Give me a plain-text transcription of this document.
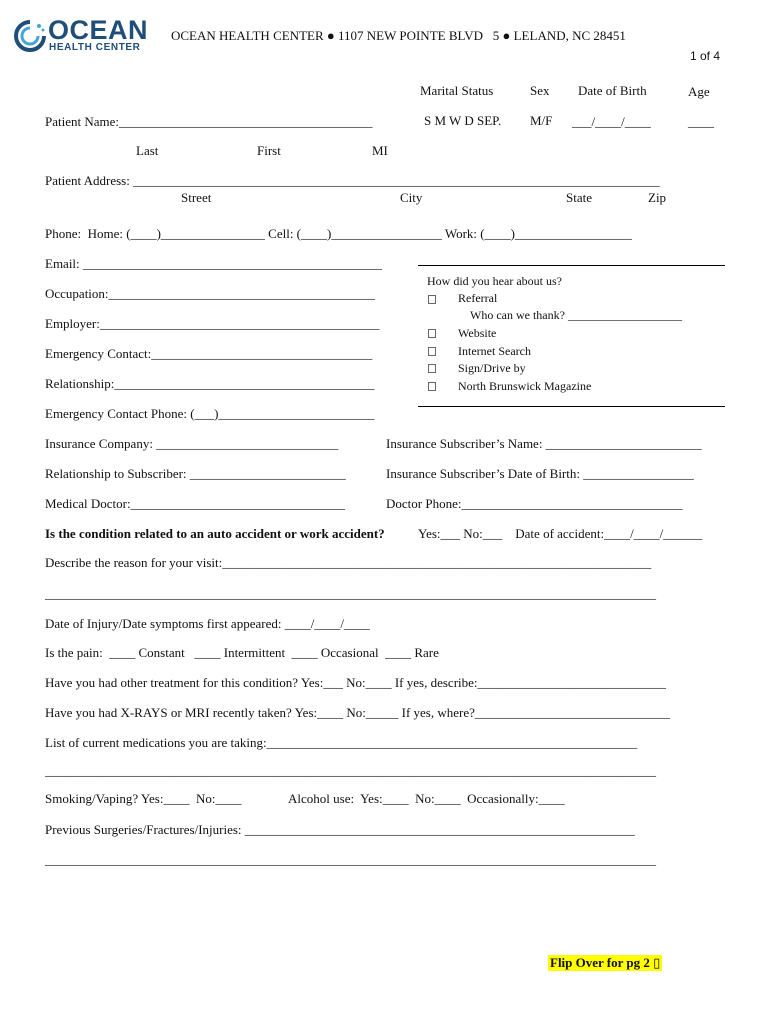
OCEAN
HEALTH CENTER
OCEAN HEALTH CENTER ● 1107 NEW POINTE BLVD   5 ● LELAND, NC 28451
1 of 4
Marital Status	Sex Date of Birth	Age
Patient Name:_______________________________________	S M W D SEP. M/F ___/____/____	____
Last	First	MI
Patient Address: _________________________________________________________________________________
Street	City	State	Zip
Phone:  Home: (____)________________ Cell: (____)_________________ Work: (____)__________________
Email: ______________________________________________
Occupation:_________________________________________
Employer:___________________________________________
Emergency Contact:__________________________________
Relationship:________________________________________
Emergency Contact Phone: (___)________________________
How did you hear about us?
Referral
Who can we thank? ___________________
Website
Internet Search
Sign/Drive by
North Brunswick Magazine
Insurance Company: ____________________________	Insurance Subscriber’s Name: ________________________
Relationship to Subscriber: ________________________	Insurance Subscriber’s Date of Birth: _________________
Medical Doctor:_________________________________	Doctor Phone:__________________________________
Is the condition related to an auto accident or work accident?	Yes:___ No:___    Date of accident:____/____/______
Describe the reason for your visit:__________________________________________________________________
______________________________________________________________________________________________
Date of Injury/Date symptoms first appeared: ____/____/____
Is the pain:  ____ Constant   ____ Intermittent  ____ Occasional  ____ Rare
Have you had other treatment for this condition? Yes:___ No:____ If yes, describe:_____________________________
Have you had X-RAYS or MRI recently taken? Yes:____ No:_____ If yes, where?______________________________
List of current medications you are taking:_________________________________________________________
______________________________________________________________________________________________
Smoking/Vaping? Yes:____  No:____	Alcohol use:  Yes:____  No:____  Occasionally:____
Previous Surgeries/Fractures/Injuries: ____________________________________________________________
______________________________________________________________________________________________
Flip Over for pg 2 ▯
